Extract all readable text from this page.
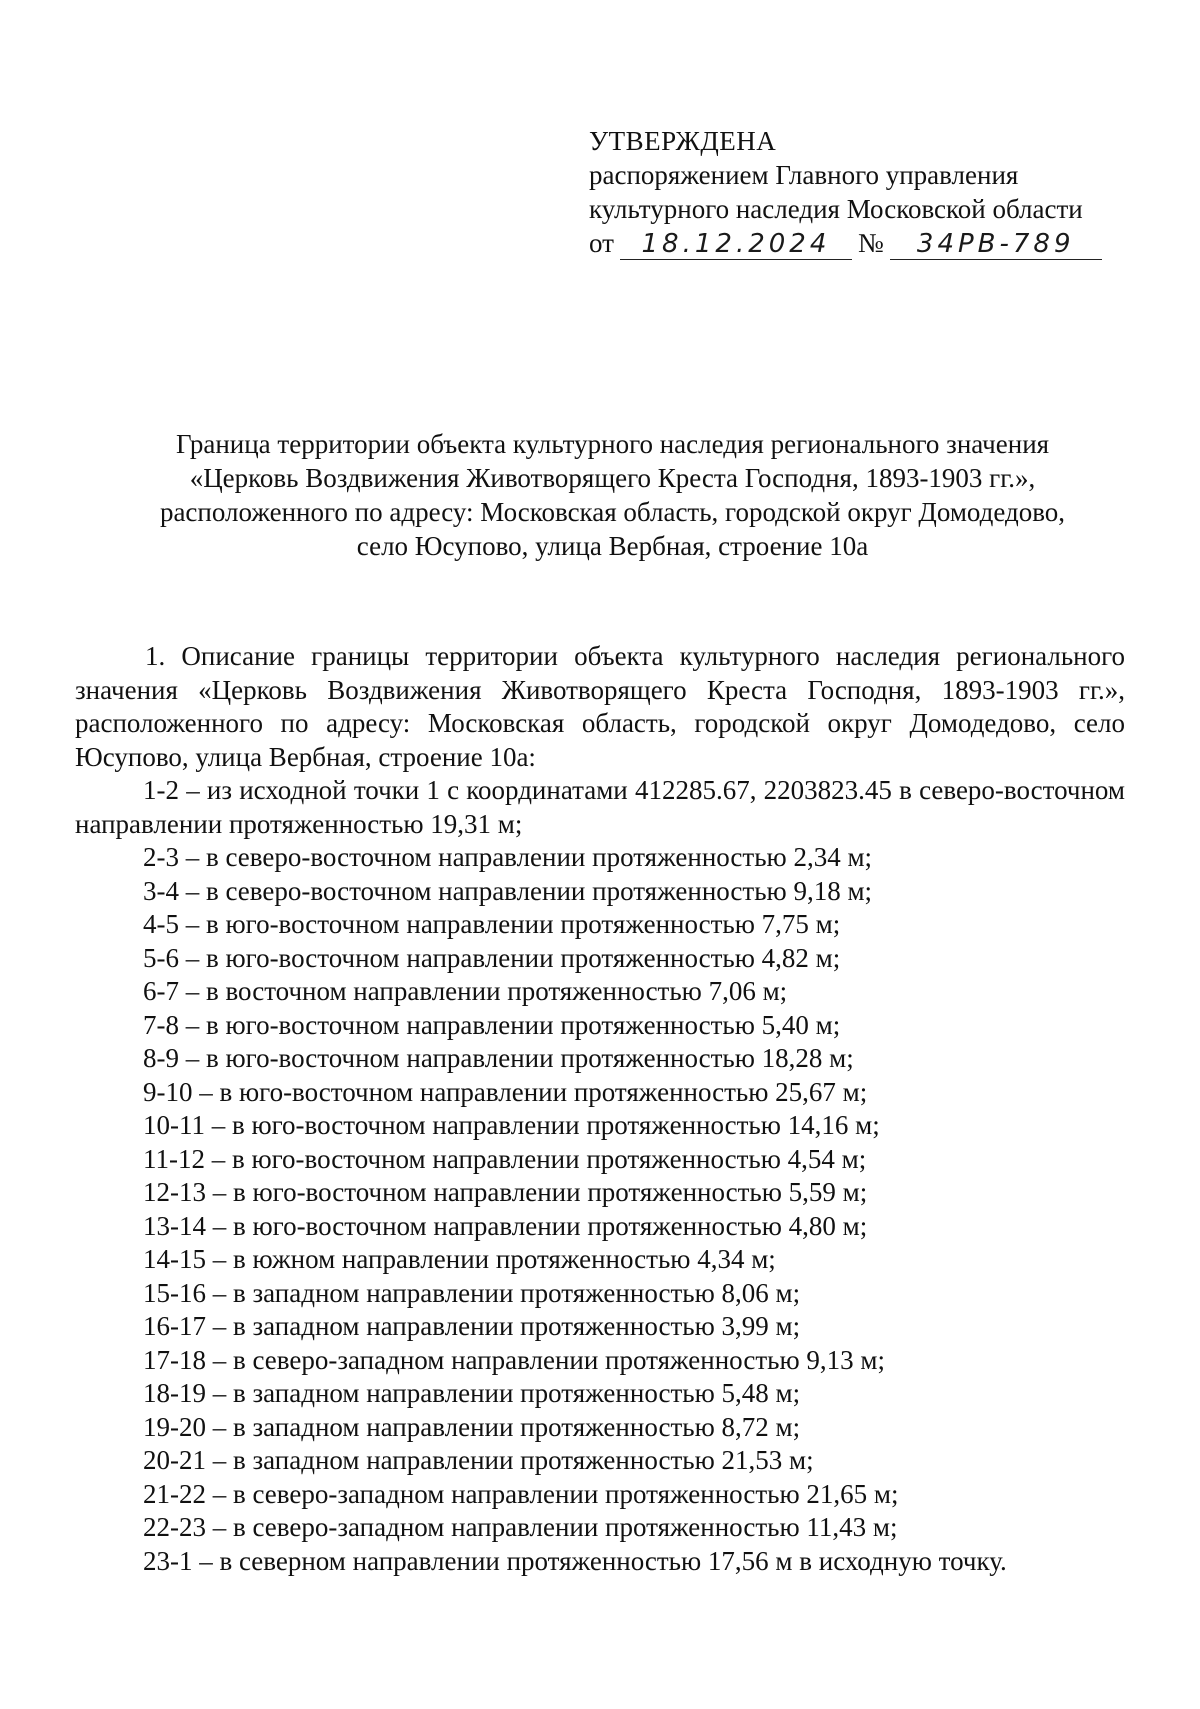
УТВЕРЖДЕНА
распоряжением Главного управления
культурного наследия Московской области
от 18.12.2024 № 34РВ-789
Граница территории объекта культурного наследия регионального значения
«Церковь Воздвижения Животворящего Креста Господня, 1893-1903 гг.»,
расположенного по адресу: Московская область, городской округ Домодедово,
село Юсупово, улица Вербная, строение 10а

1. Описание границы территории объекта культурного наследия регионального значения «Церковь Воздвижения Животворящего Креста Господня, 1893-1903 гг.», расположенного по адресу: Московская область, городской округ Домодедово, село Юсупово, улица Вербная, строение 10а:

1-2 – из исходной точки 1 с координатами 412285.67, 2203823.45 в северо-восточном направлении протяженностью 19,31 м;
2-3 – в северо-восточном направлении протяженностью 2,34 м;
3-4 – в северо-восточном направлении протяженностью 9,18 м;
4-5 – в юго-восточном направлении протяженностью 7,75 м;
5-6 – в юго-восточном направлении протяженностью 4,82 м;
6-7 – в восточном направлении протяженностью 7,06 м;
7-8 – в юго-восточном направлении протяженностью 5,40 м;
8-9 – в юго-восточном направлении протяженностью 18,28 м;
9-10 – в юго-восточном направлении протяженностью 25,67 м;
10-11 – в юго-восточном направлении протяженностью 14,16 м;
11-12 – в юго-восточном направлении протяженностью 4,54 м;
12-13 – в юго-восточном направлении протяженностью 5,59 м;
13-14 – в юго-восточном направлении протяженностью 4,80 м;
14-15 – в южном направлении протяженностью 4,34 м;
15-16 – в западном направлении протяженностью 8,06 м;
16-17 – в западном направлении протяженностью 3,99 м;
17-18 – в северо-западном направлении протяженностью 9,13 м;
18-19 – в западном направлении протяженностью 5,48 м;
19-20 – в западном направлении протяженностью 8,72 м;
20-21 – в западном направлении протяженностью 21,53 м;
21-22 – в северо-западном направлении протяженностью 21,65 м;
22-23 – в северо-западном направлении протяженностью 11,43 м;
23-1 – в северном направлении протяженностью 17,56 м в исходную точку.
